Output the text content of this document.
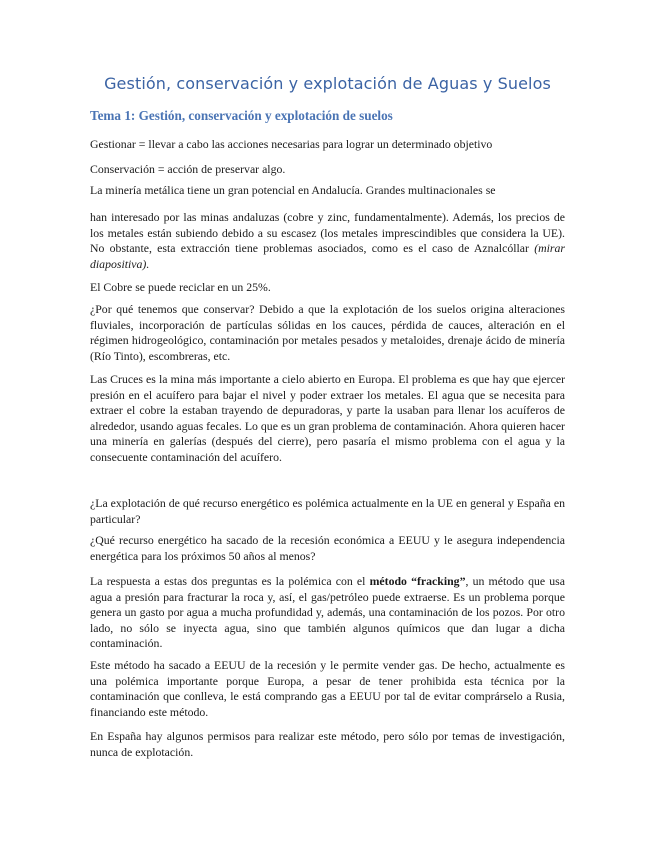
Gestión, conservación y explotación de Aguas y Suelos
Tema 1: Gestión, conservación y explotación de suelos

Gestionar = llevar a cabo las acciones necesarias para lograr un determinado objetivo

Conservación = acción de preservar algo.

La minería metálica tiene un gran potencial en Andalucía. Grandes multinacionales se

han interesado por las minas andaluzas (cobre y zinc, fundamentalmente). Además, los precios de los metales están subiendo debido a su escasez (los metales imprescindibles que considera la UE). No obstante, esta extracción tiene problemas asociados, como es el caso de Aznalcóllar (mirar diapositiva).

El Cobre se puede reciclar en un 25%.

¿Por qué tenemos que conservar? Debido a que la explotación de los suelos origina alteraciones fluviales, incorporación de partículas sólidas en los cauces, pérdida de cauces, alteración en el régimen hidrogeológico, contaminación por metales pesados y metaloides, drenaje ácido de minería (Río Tinto), escombreras, etc.

Las Cruces es la mina más importante a cielo abierto en Europa. El problema es que hay que ejercer presión en el acuífero para bajar el nivel y poder extraer los metales. El agua que se necesita para extraer el cobre la estaban trayendo de depuradoras, y parte la usaban para llenar los acuíferos de alrededor, usando aguas fecales. Lo que es un gran problema de contaminación. Ahora quieren hacer una minería en galerías (después del cierre), pero pasaría el mismo problema con el agua y la consecuente contaminación del acuífero.

¿La explotación de qué recurso energético es polémica actualmente en la UE en general y España en particular?

¿Qué recurso energético ha sacado de la recesión económica a EEUU y le asegura independencia energética para los próximos 50 años al menos?

La respuesta a estas dos preguntas es la polémica con el método “fracking”, un método que usa agua a presión para fracturar la roca y, así, el gas/petróleo puede extraerse. Es un problema porque genera un gasto por agua a mucha profundidad y, además, una contaminación de los pozos. Por otro lado, no sólo se inyecta agua, sino que también algunos químicos que dan lugar a dicha contaminación.

Este método ha sacado a EEUU de la recesión y le permite vender gas. De hecho, actualmente es una polémica importante porque Europa, a pesar de tener prohibida esta técnica por la contaminación que conlleva, le está comprando gas a EEUU por tal de evitar comprárselo a Rusia, financiando este método.

En España hay algunos permisos para realizar este método, pero sólo por temas de investigación, nunca de explotación.
